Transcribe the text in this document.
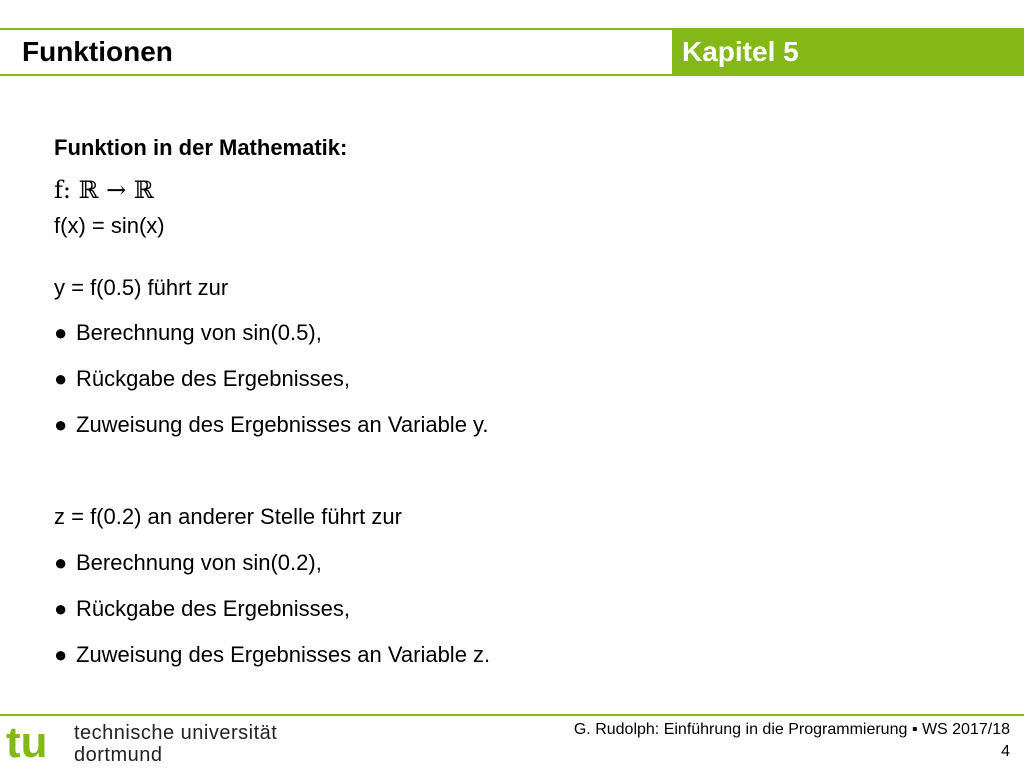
Funktionen	Kapitel 5
Funktion in der Mathematik:
f: ℝ → ℝ
f(x) = sin(x)
y = f(0.5) führt zur
● Berechnung von sin(0.5),
● Rückgabe des Ergebnisses,
● Zuweisung des Ergebnisses an Variable y.
z = f(0.2) an anderer Stelle führt zur
● Berechnung von sin(0.2),
● Rückgabe des Ergebnisses,
● Zuweisung des Ergebnisses an Variable z.
tu technische universität
dortmund
G. Rudolph: Einführung in die Programmierung ▪ WS 2017/18
4
